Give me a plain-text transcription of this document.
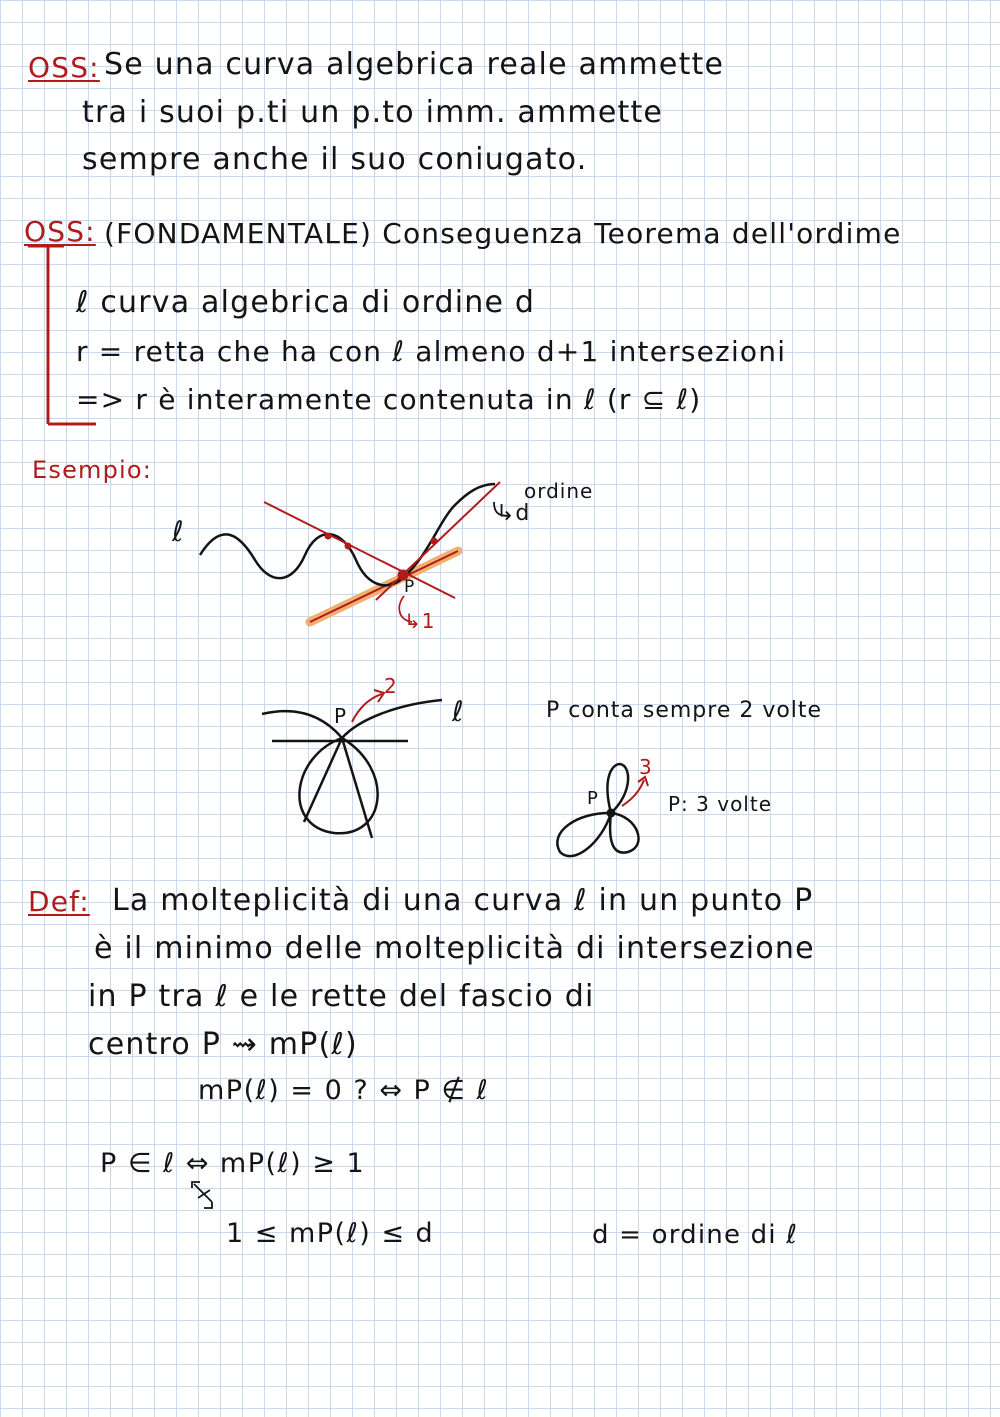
OSS: Se una curva algebrica reale ammette
tra i suoi p.ti un p.to imm. ammette
sempre anche il suo coniugato.
OSS: (FONDAMENTALE) Conseguenza Teorema dell'ordime
ℓ curva algebrica di ordine d
r = retta che ha con ℓ almeno d+1 intersezioni
=> r è interamente contenuta in ℓ (r ⊆ ℓ)
Esempio:
ℓ
ordine
↳d
P
↳1
P
2
ℓ	P conta sempre 2 volte
P
3
P: 3 volte
Def: La molteplicità di una curva ℓ in un punto P
è il minimo delle molteplicità di intersezione
in P tra ℓ e le rette del fascio di
centro P ⇝ mP(ℓ)
mP(ℓ) = 0 ? ⇔ P ∉ ℓ
P ∈ ℓ ⇔ mP(ℓ) ≥ 1
1 ≤ mP(ℓ) ≤ d	d = ordine di ℓ
